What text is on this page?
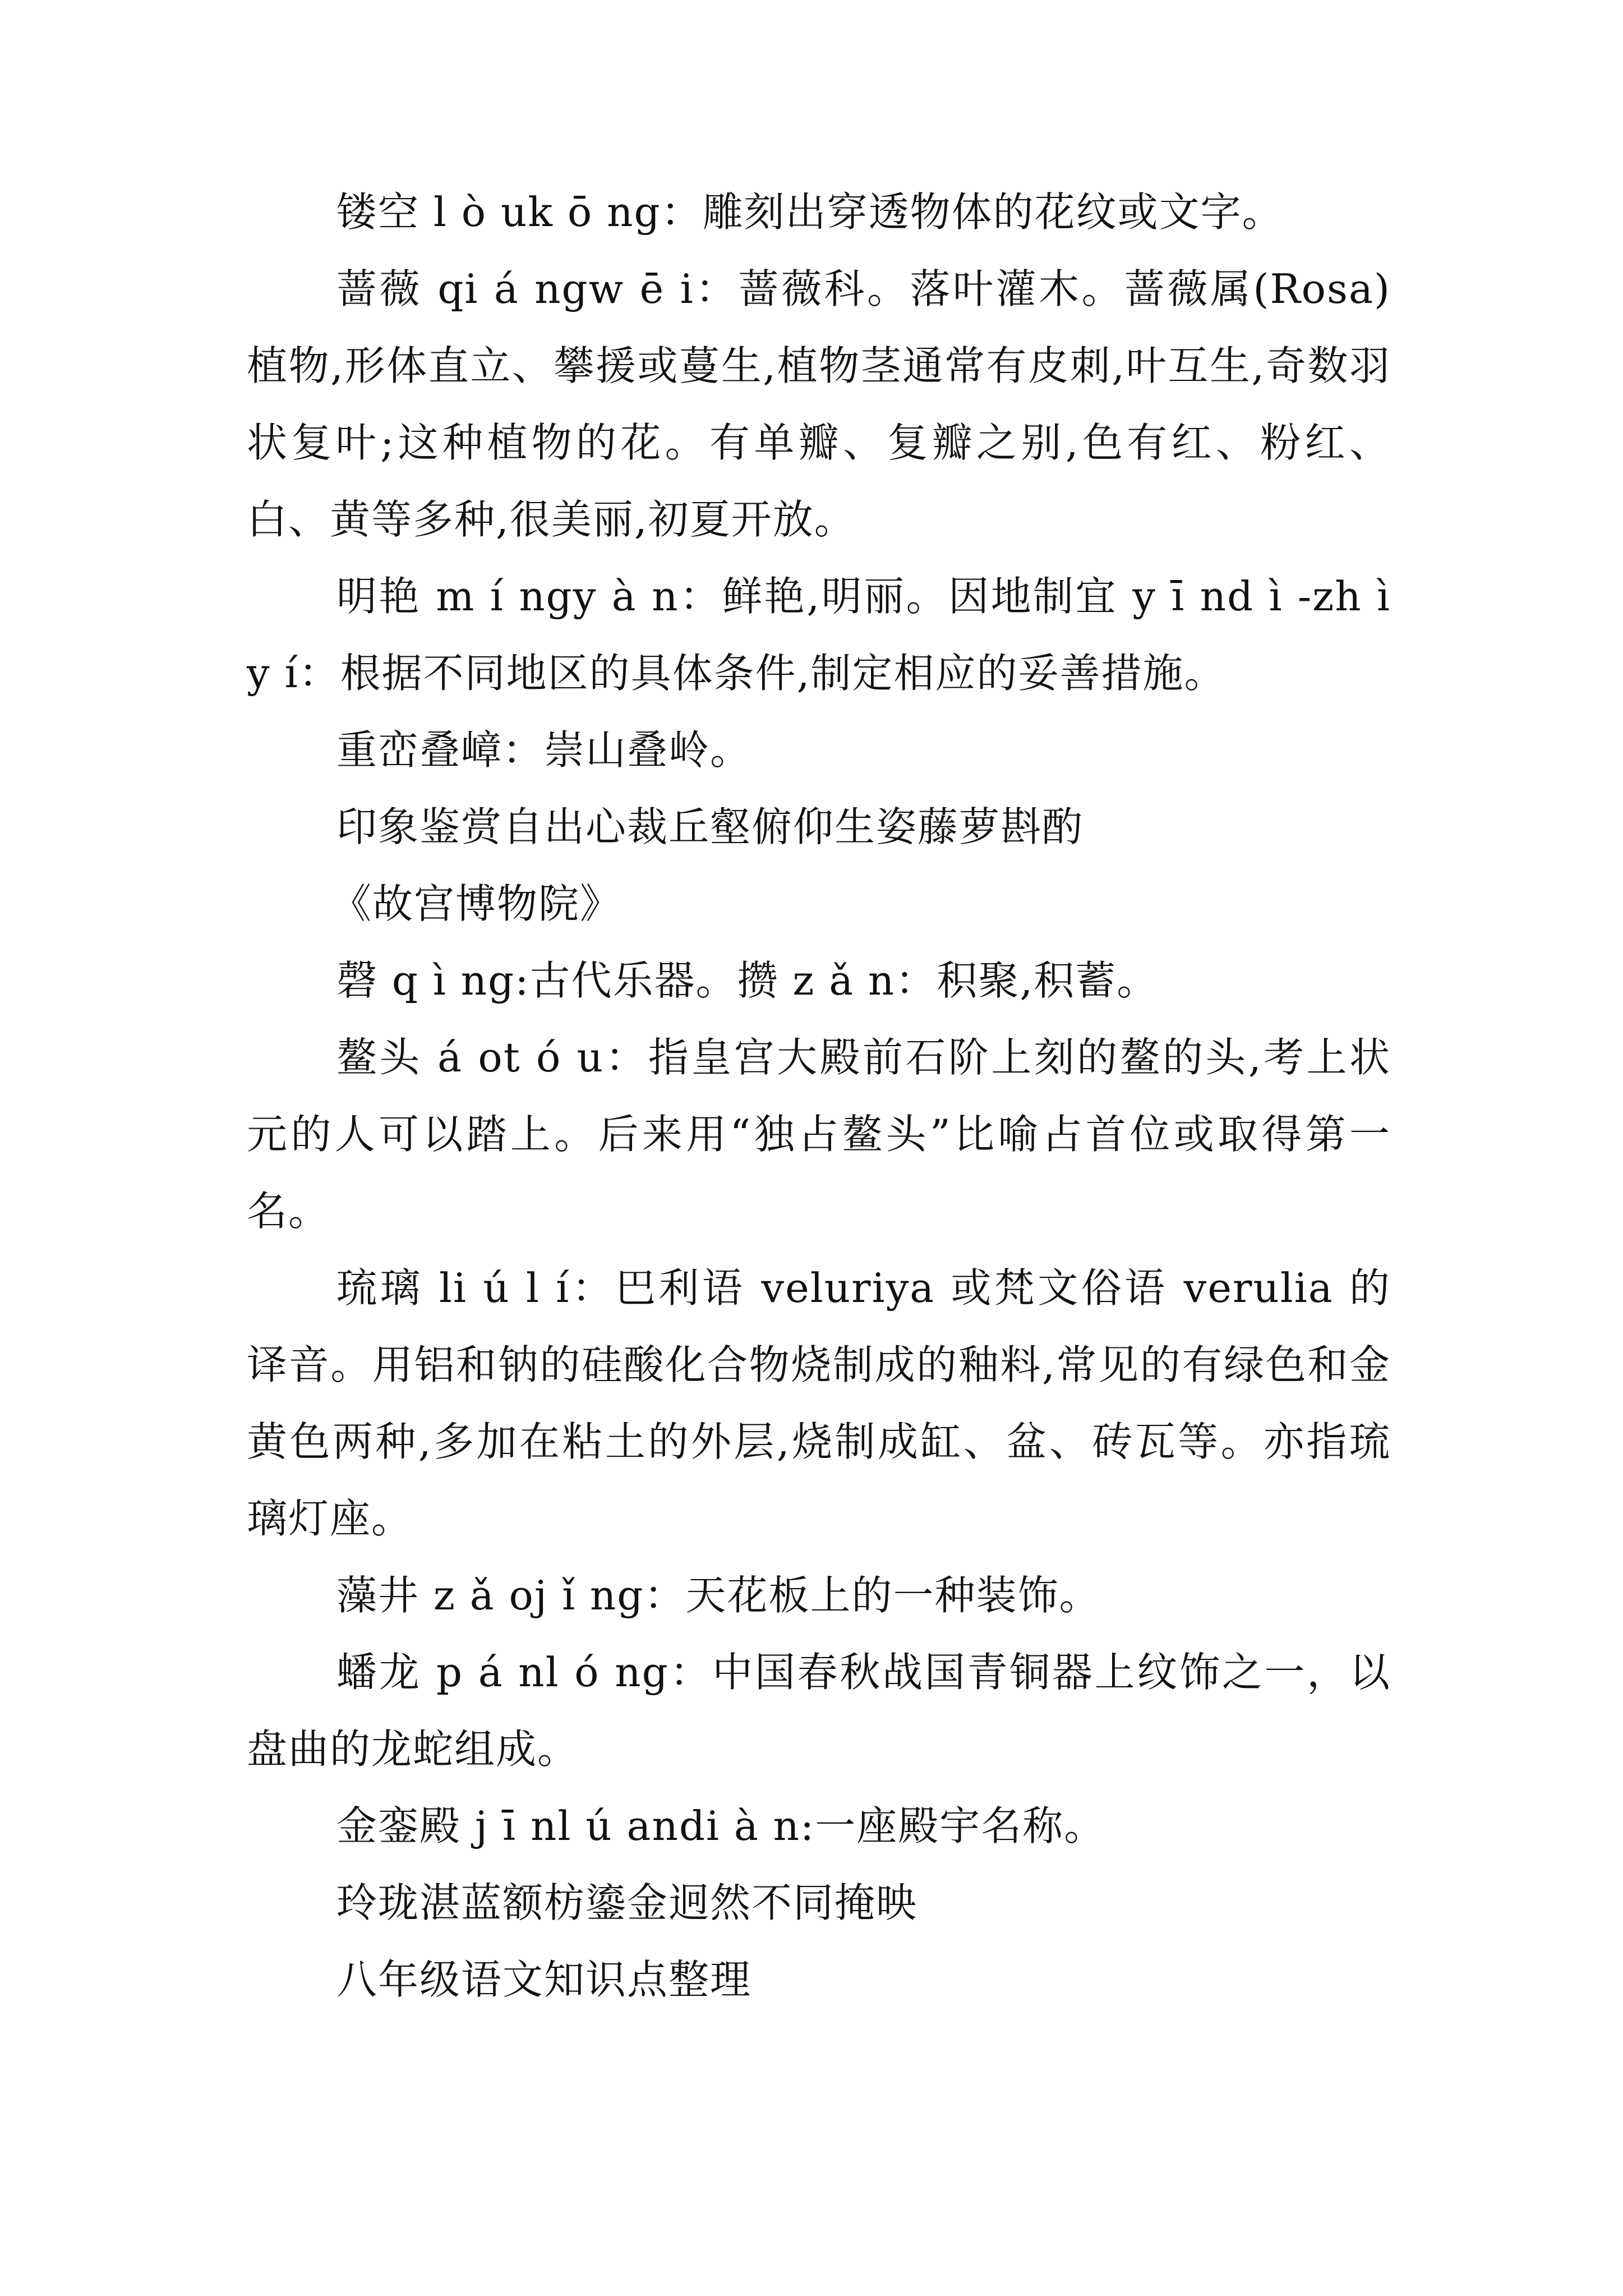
镂空 l ò uk ō ng：雕刻出穿透物体的花纹或文字。

蔷薇 qi á ngw ē i：蔷薇科。落叶灌木。蔷薇属(Rosa)植物,形体直立、攀援或蔓生,植物茎通常有皮刺,叶互生,奇数羽状复叶;这种植物的花。有单瓣、复瓣之别,色有红、粉红、白、黄等多种,很美丽,初夏开放。

明艳 m í ngy à n：鲜艳,明丽。因地制宜 y ī nd ì -zh ì y í：根据不同地区的具体条件,制定相应的妥善措施。

重峦叠嶂：崇山叠岭。

印象鉴赏自出心裁丘壑俯仰生姿藤萝斟酌

《故宫博物院》

磬 q ì ng:古代乐器。攒 z ǎ n：积聚,积蓄。

鳌头 á ot ó u：指皇宫大殿前石阶上刻的鳌的头,考上状元的人可以踏上。后来用“独占鳌头”比喻占首位或取得第一名。

琉璃 li ú l í：巴利语 veluriya 或梵文俗语 verulia 的译音。用铝和钠的硅酸化合物烧制成的釉料,常见的有绿色和金黄色两种,多加在粘土的外层,烧制成缸、盆、砖瓦等。亦指琉璃灯座。

藻井 z ǎ oj ǐ ng：天花板上的一种装饰。

蟠龙 p á nl ó ng：中国春秋战国青铜器上纹饰之一，以盘曲的龙蛇组成。

金銮殿 j ī nl ú andi à n:一座殿宇名称。

玲珑湛蓝额枋鎏金迥然不同掩映

八年级语文知识点整理
